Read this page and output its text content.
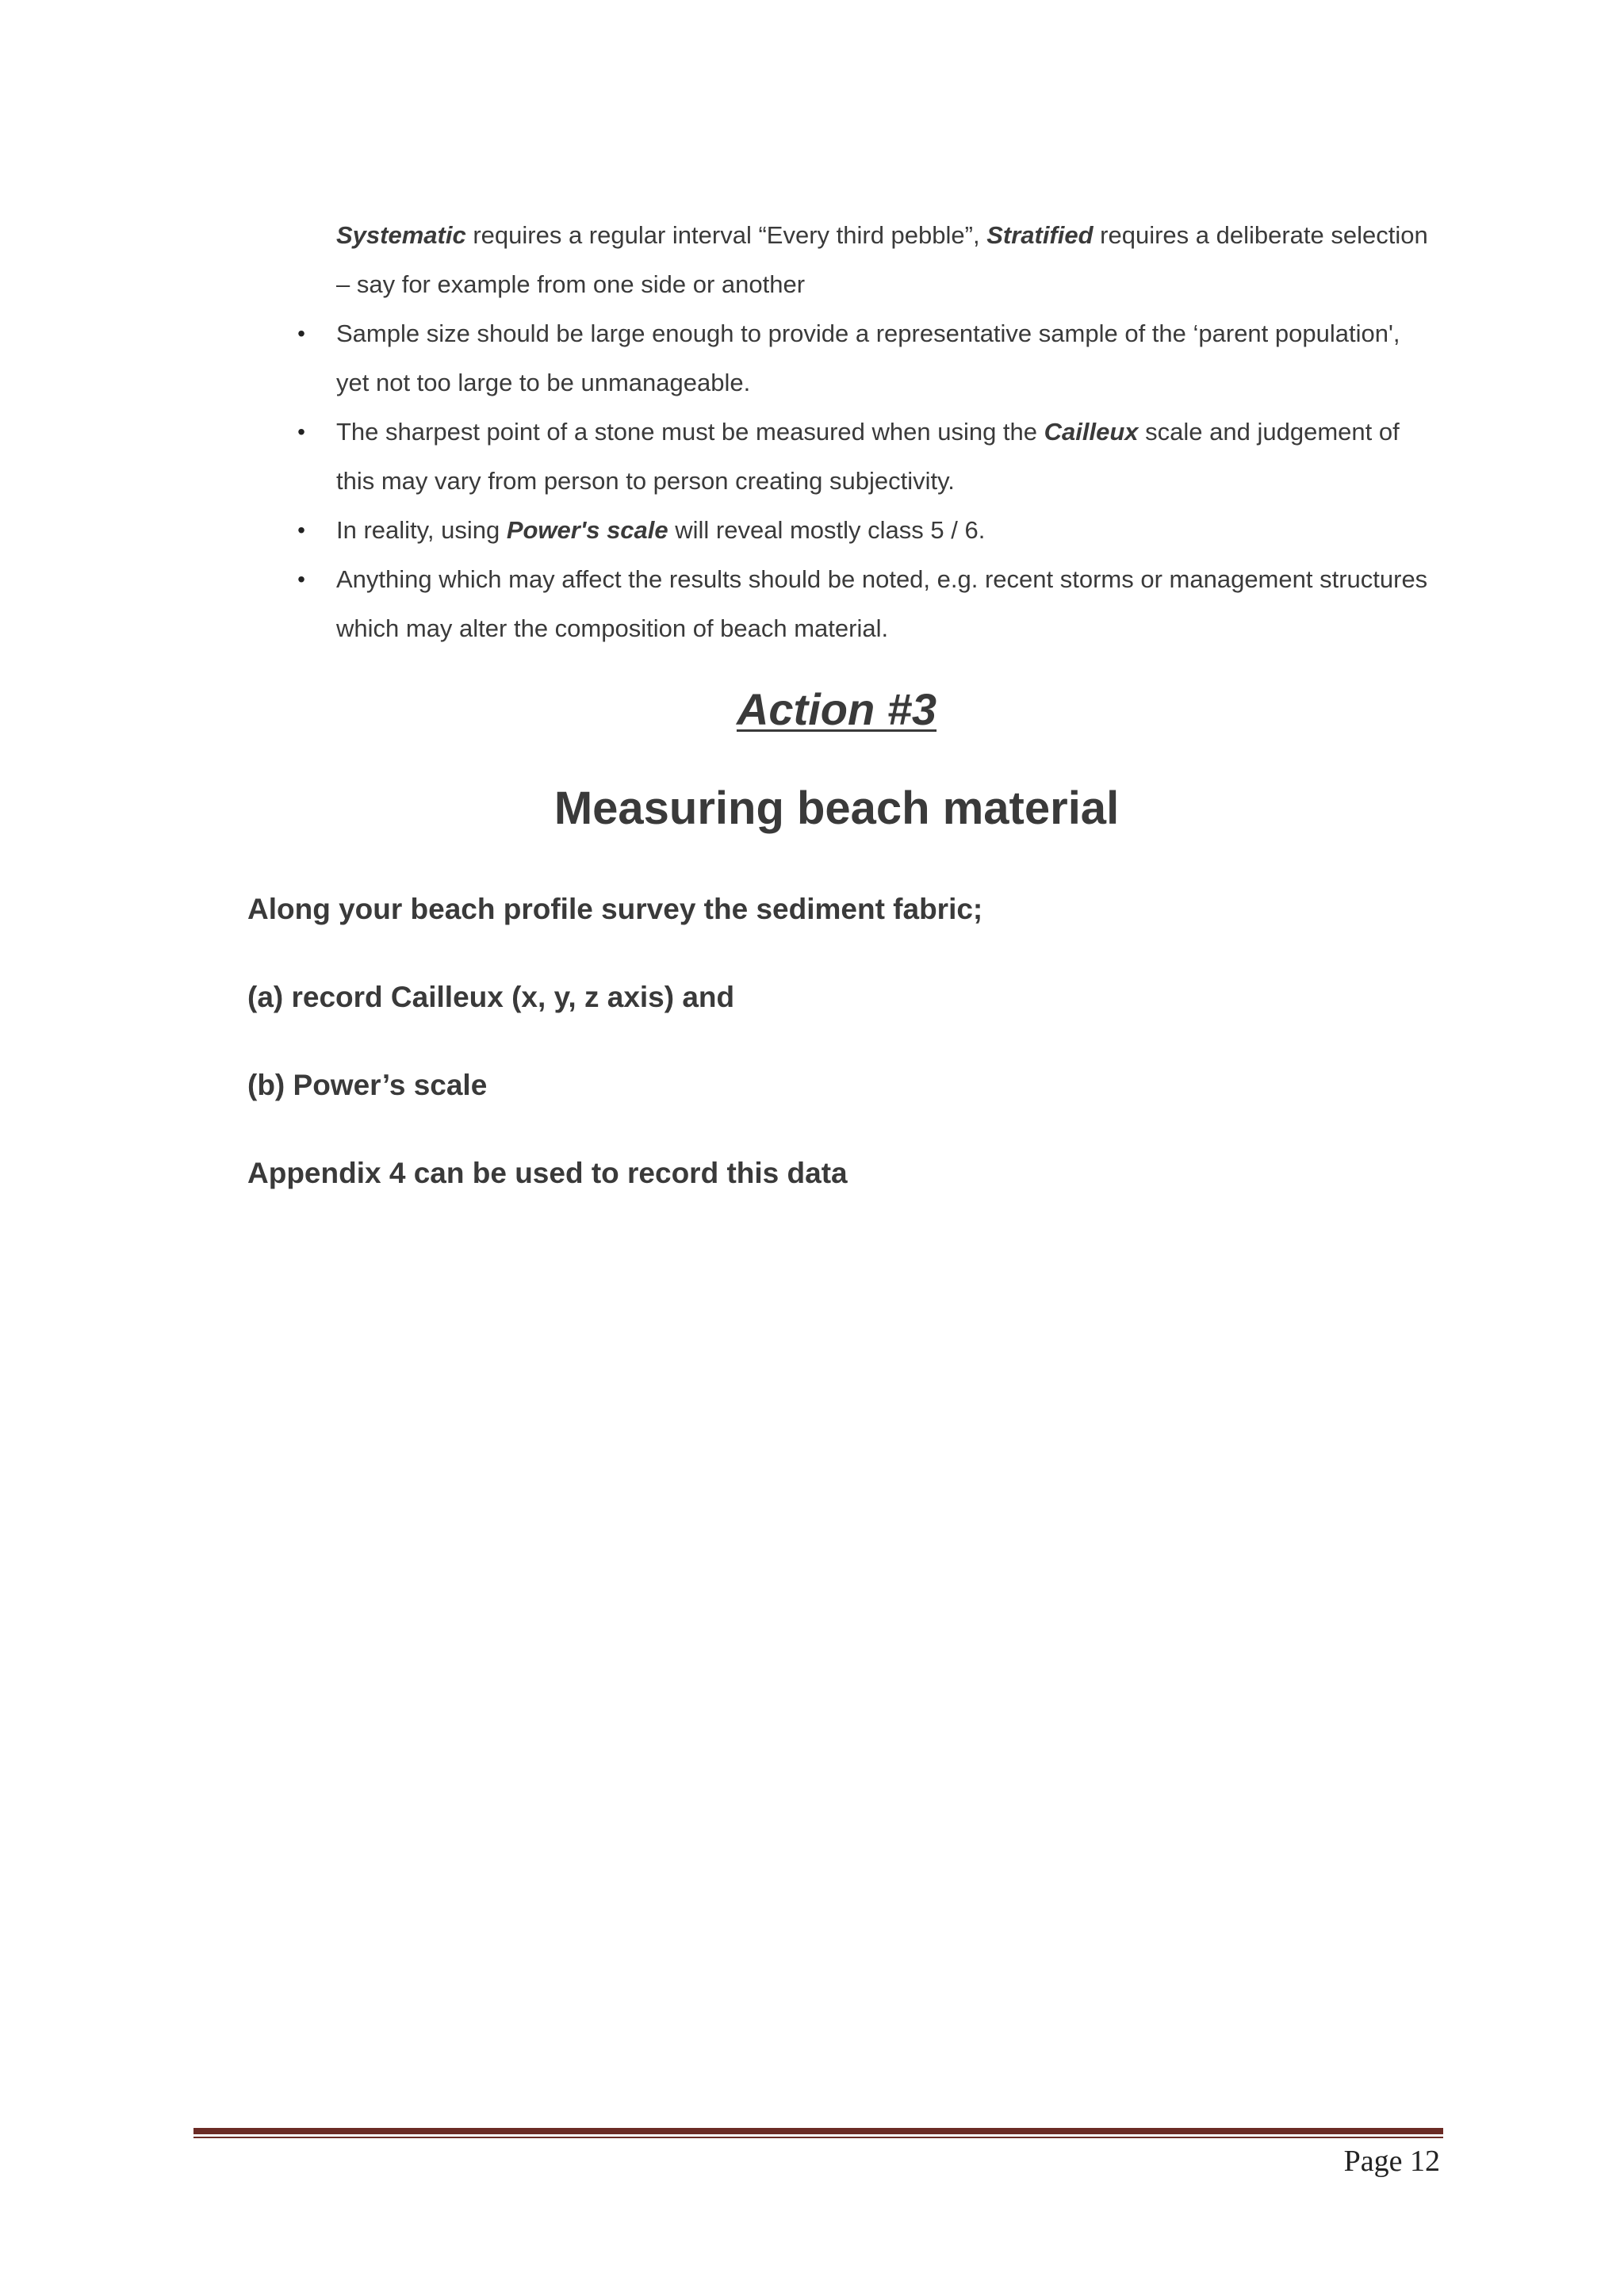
Systematic requires a regular interval “Every third pebble”, Stratified requires a deliberate selection – say for example from one side or another
• Sample size should be large enough to provide a representative sample of the ‘parent population', yet not too large to be unmanageable.
• The sharpest point of a stone must be measured when using the Cailleux scale and judgement of this may vary from person to person creating subjectivity.
• In reality, using Power's scale will reveal mostly class 5 / 6.
• Anything which may affect the results should be noted, e.g. recent storms or management structures which may alter the composition of beach material.
Action #3
Measuring beach material

Along your beach profile survey the sediment fabric;

(a) record Cailleux (x, y, z axis) and

(b) Power’s scale

Appendix 4 can be used to record this data

Page 12
